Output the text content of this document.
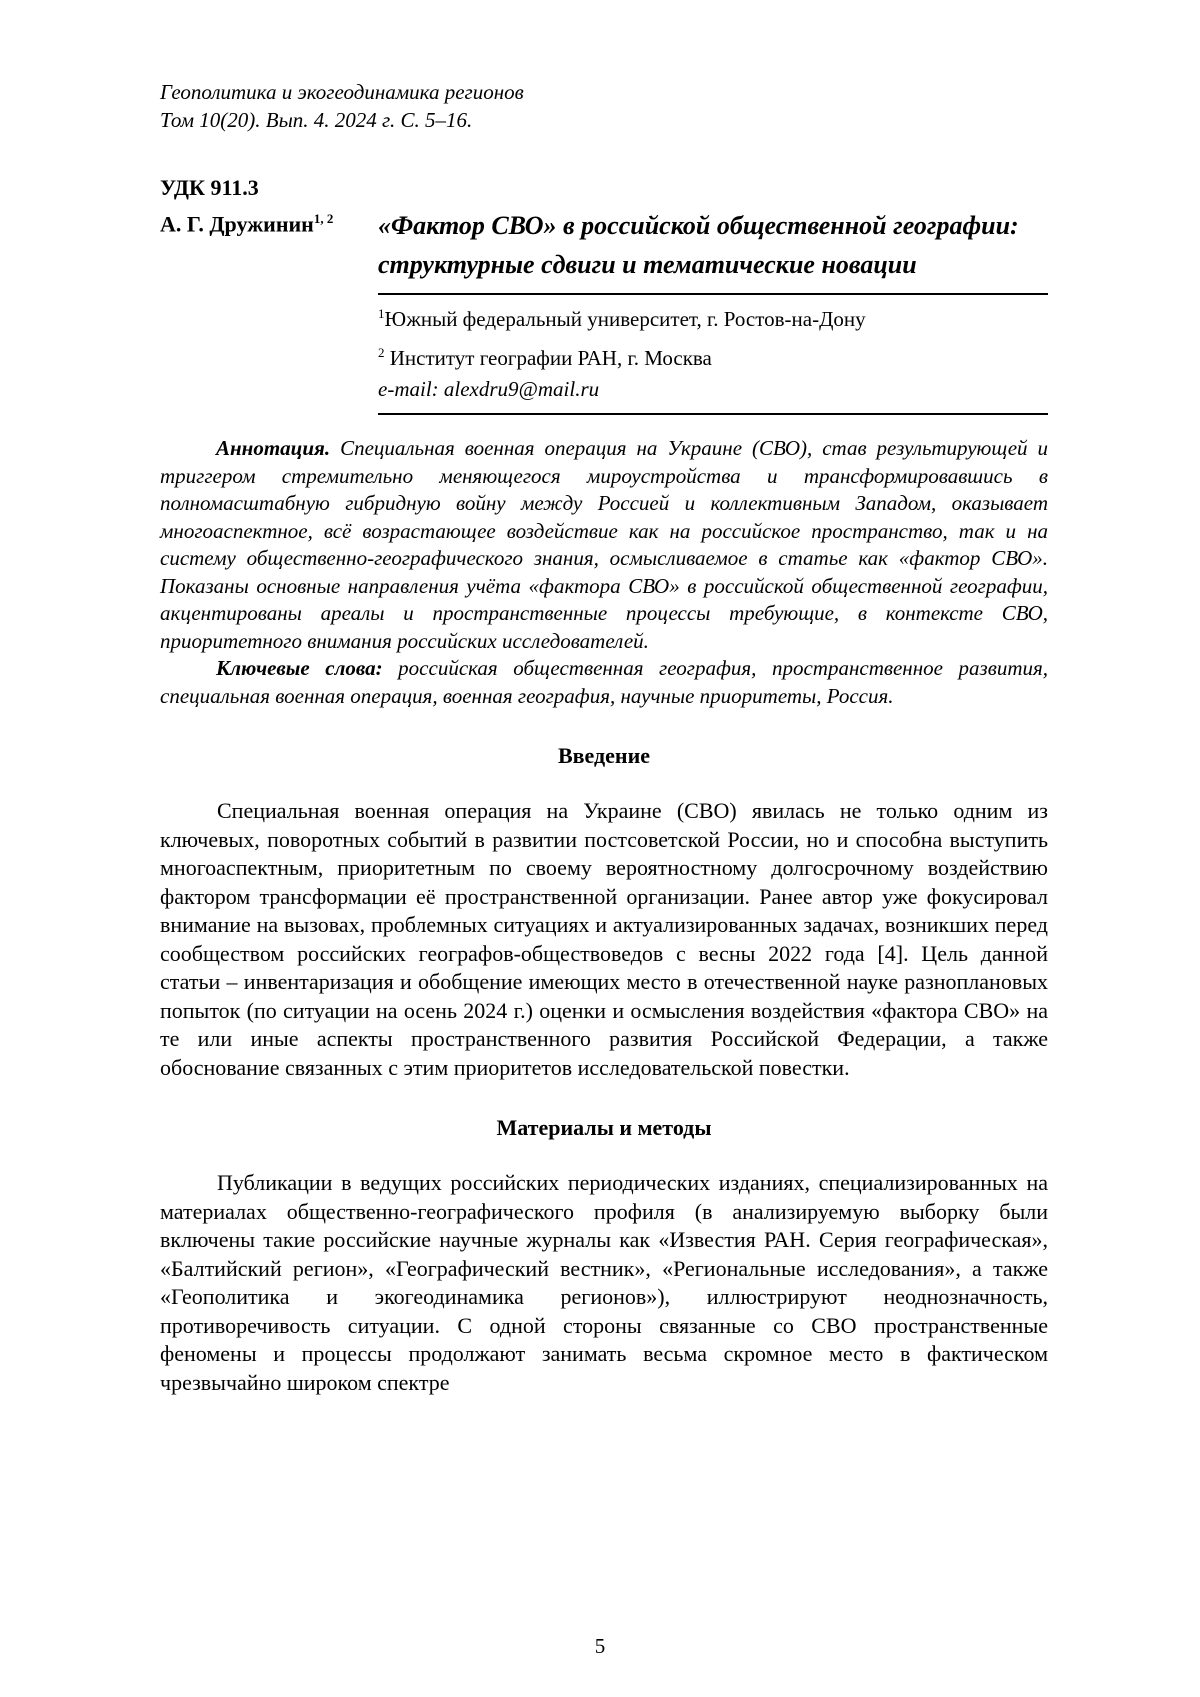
Геополитика и экогеодинамика регионов
Том 10(20). Вып. 4. 2024 г. С. 5–16.
УДК 911.3
А. Г. Дружинин$^{1, 2}$	«Фактор СВО» в российской общественной географии: структурные сдвиги и тематические новации
$^1$Южный федеральный университет, г. Ростов-на-Дону
$^2$ Институт географии РАН, г. Москва
e-mail: alexdru9@mail.ru

Аннотация. Специальная военная операция на Украине (СВО), став результирующей и триггером стремительно меняющегося мироустройства и трансформировавшись в полномасштабную гибридную войну между Россией и коллективным Западом, оказывает многоаспектное, всё возрастающее воздействие как на российское пространство, так и на систему общественно-географического знания, осмысливаемое в статье как «фактор СВО». Показаны основные направления учёта «фактора СВО» в российской общественной географии, акцентированы ареалы и пространственные процессы требующие, в контексте СВО, приоритетного внимания российских исследователей.

Ключевые слова: российская общественная география, пространственное развития, специальная военная операция, военная география, научные приоритеты, Россия.

Введение

Специальная военная операция на Украине (СВО) явилась не только одним из ключевых, поворотных событий в развитии постсоветской России, но и способна выступить многоаспектным, приоритетным по своему вероятностному долгосрочному воздействию фактором трансформации её пространственной организации. Ранее автор уже фокусировал внимание на вызовах, проблемных ситуациях и актуализированных задачах, возникших перед сообществом российских географов-обществоведов с весны 2022 года [4]. Цель данной статьи – инвентаризация и обобщение имеющих место в отечественной науке разноплановых попыток (по ситуации на осень 2024 г.) оценки и осмысления воздействия «фактора СВО» на те или иные аспекты пространственного развития Российской Федерации, а также обоснование связанных с этим приоритетов исследовательской повестки.

Материалы и методы

Публикации в ведущих российских периодических изданиях, специализированных на материалах общественно-географического профиля (в анализируемую выборку были включены такие российские научные журналы как «Известия РАН. Серия географическая», «Балтийский регион», «Географический вестник», «Региональные исследования», а также «Геополитика и экогеодинамика регионов»), иллюстрируют неоднозначность, противоречивость ситуации. С одной стороны связанные со СВО пространственные феномены и процессы продолжают занимать весьма скромное место в фактическом чрезвычайно широком спектре

5
